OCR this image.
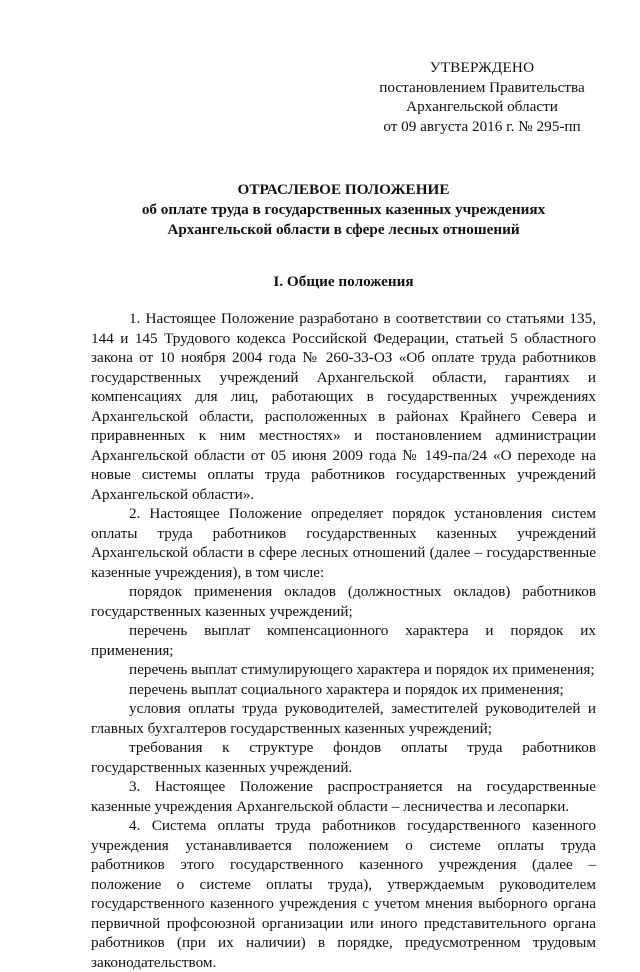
УТВЕРЖДЕНО
постановлением Правительства
Архангельской области
от 09 августа 2016 г. № 295-пп
ОТРАСЛЕВОЕ ПОЛОЖЕНИЕ
об оплате труда в государственных казенных учреждениях
Архангельской области в сфере лесных отношений
I. Общие положения

1. Настоящее Положение разработано в соответствии со статьями 135, 144 и 145 Трудового кодекса Российской Федерации, статьей 5 областного закона от 10 ноября 2004 года № 260-33-ОЗ «Об оплате труда работников государственных учреждений Архангельской области, гарантиях и компенсациях для лиц, работающих в государственных учреждениях Архангельской области, расположенных в районах Крайнего Севера и приравненных к ним местностях» и постановлением администрации Архангельской области от 05 июня 2009 года № 149-па/24 «О переходе на новые системы оплаты труда работников государственных учреждений Архангельской области».

2. Настоящее Положение определяет порядок установления систем оплаты труда работников государственных казенных учреждений Архангельской области в сфере лесных отношений (далее – государственные казенные учреждения), в том числе:

порядок применения окладов (должностных окладов) работников государственных казенных учреждений;

перечень выплат компенсационного характера и порядок их применения;

перечень выплат стимулирующего характера и порядок их применения;

перечень выплат социального характера и порядок их применения;

условия оплаты труда руководителей, заместителей руководителей и главных бухгалтеров государственных казенных учреждений;

требования к структуре фондов оплаты труда работников государственных казенных учреждений.

3. Настоящее Положение распространяется на государственные казенные учреждения Архангельской области – лесничества и лесопарки.

4. Система оплаты труда работников государственного казенного учреждения устанавливается положением о системе оплаты труда работников этого государственного казенного учреждения (далее – положение о системе оплаты труда), утверждаемым руководителем государственного казенного учреждения с учетом мнения выборного органа первичной профсоюзной организации или иного представительного органа работников (при их наличии) в порядке, предусмотренном трудовым законодательством.
